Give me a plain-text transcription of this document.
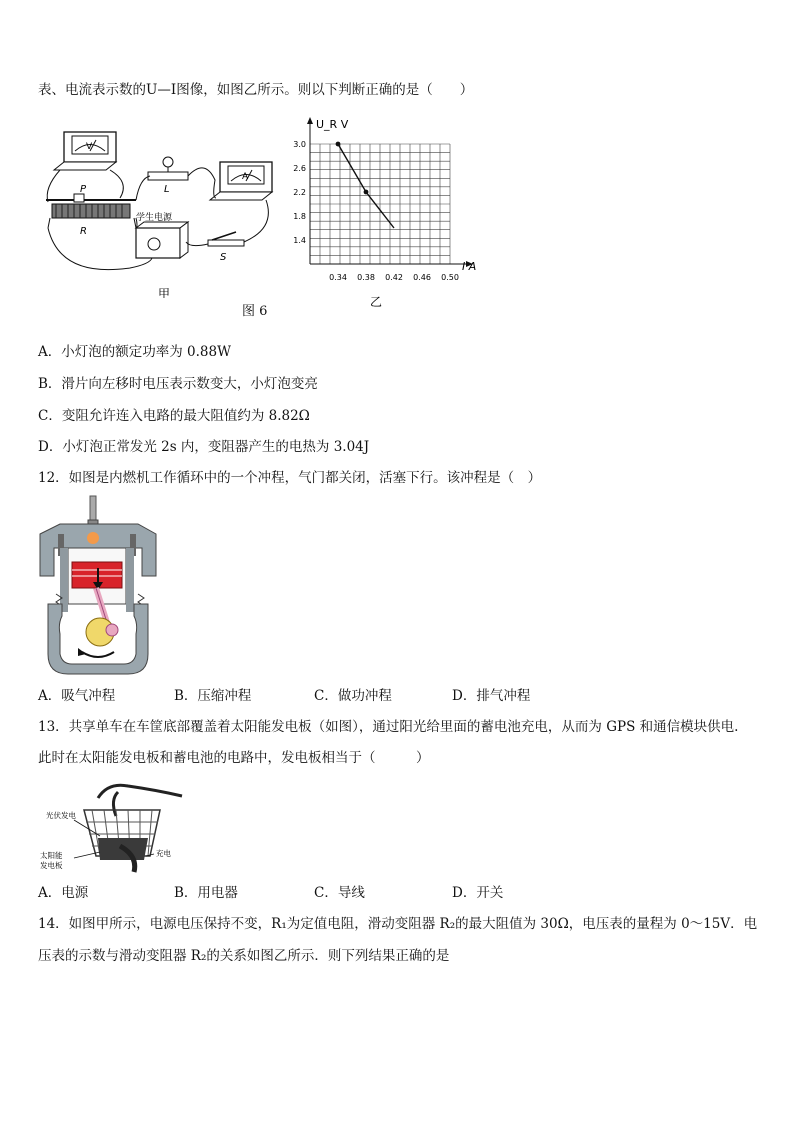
表、电流表示数的U—I图像，如图乙所示。则以下判断正确的是（　　）
V
P
R
L
A
学生电源
S
甲
0.34 0.38 0.42 0.46 0.50
1.4
1.8
2.2
2.6
3.0
U_R V
I A
乙
图 6
A．小灯泡的额定功率为 0.88W
B．滑片向左移时电压表示数变大，小灯泡变亮
C．变阻允许连入电路的最大阻值约为 8.82Ω
D．小灯泡正常发光 2s 内，变阻器产生的电热为 3.04J
12．如图是内燃机工作循环中的一个冲程，气门都关闭，活塞下行。该冲程是（　）
A．吸气冲程	B．压缩冲程	C．做功冲程	D．排气冲程
13．共享单车在车筐底部覆盖着太阳能发电板（如图），通过阳光给里面的蓄电池充电，从而为 GPS 和通信模块供电.
此时在太阳能发电板和蓄电池的电路中，发电板相当于（　　　）
光伏发电
太阳能
发电板
充电
A．电源	B．用电器	C．导线	D．开关
14．如图甲所示，电源电压保持不变，R₁为定值电阻，滑动变阻器 R₂的最大阻值为 30Ω，电压表的量程为 0～15V．电
压表的示数与滑动变阻器 R₂的关系如图乙所示．则下列结果正确的是
